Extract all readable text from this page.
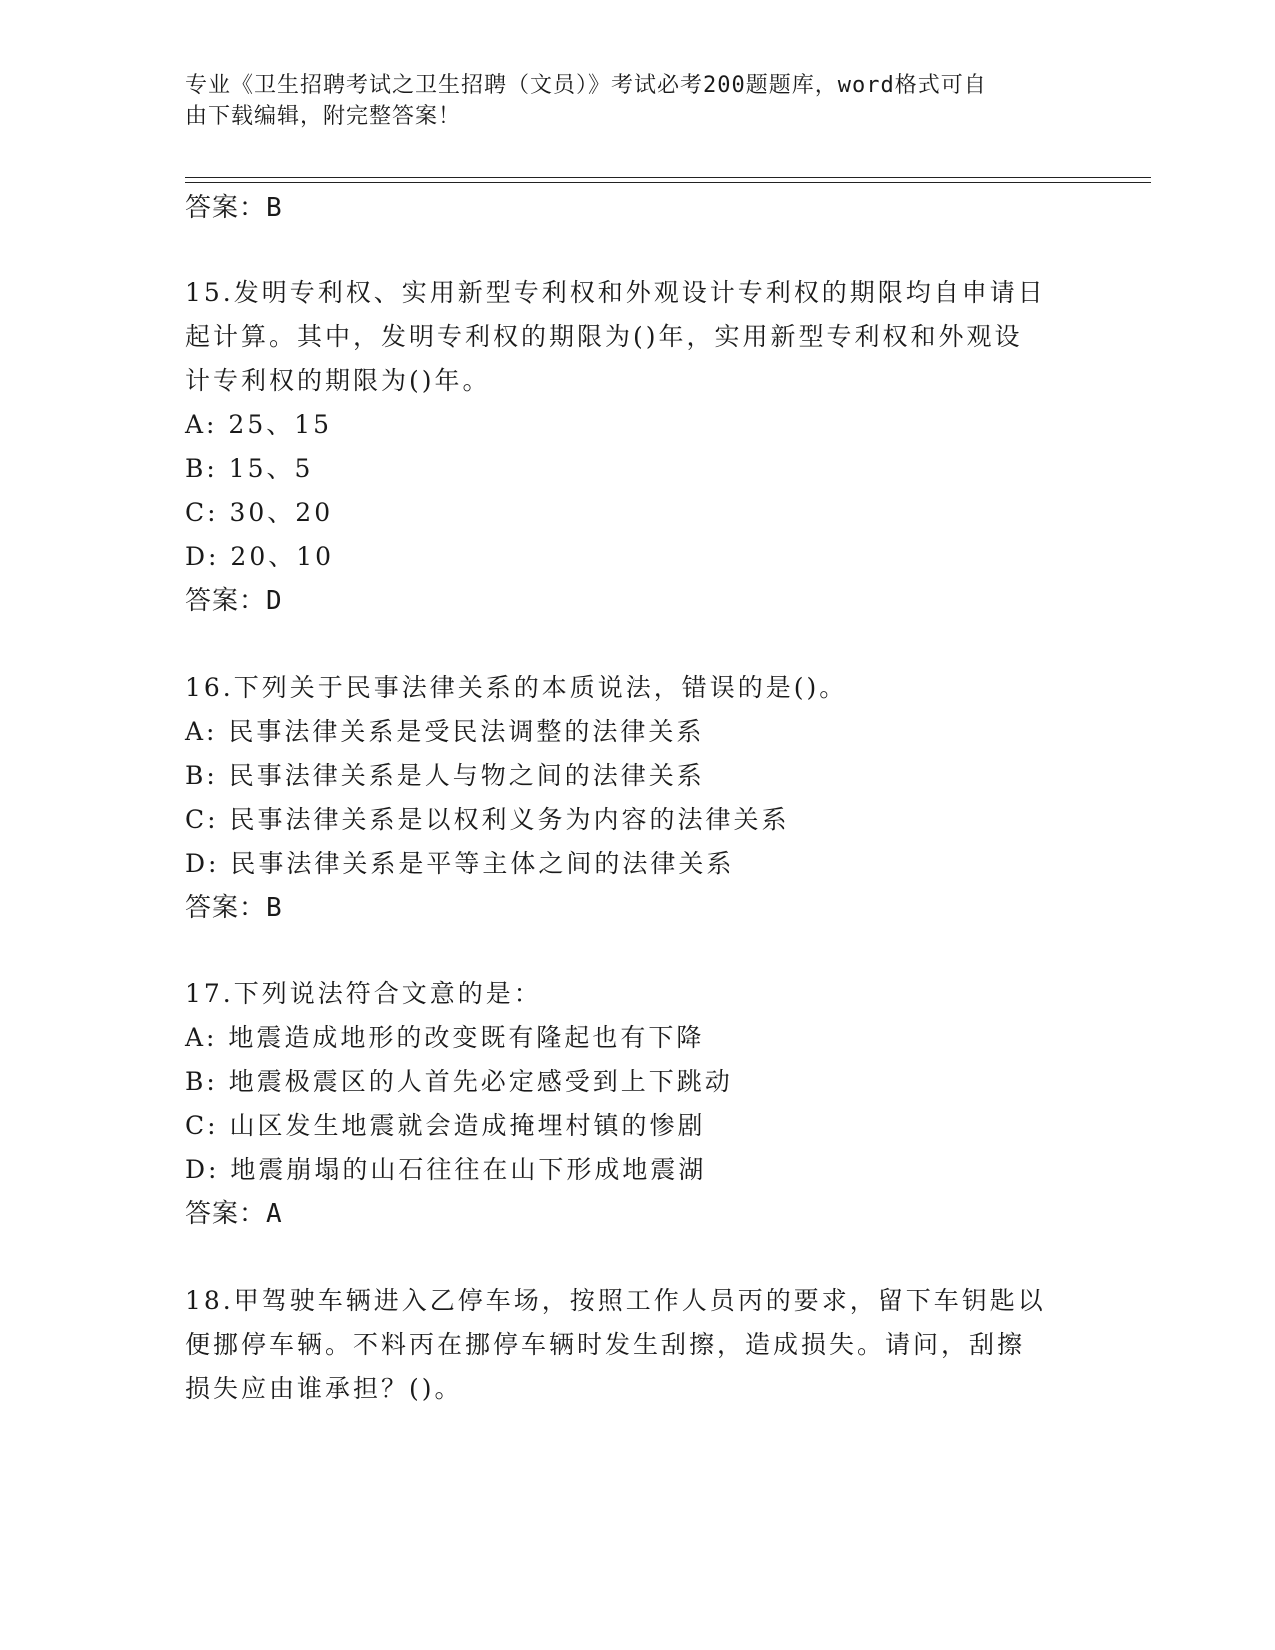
专业《卫生招聘考试之卫生招聘（文员）》考试必考200题题库，word格式可自
由下载编辑，附完整答案！
答案：B
15.发明专利权、实用新型专利权和外观设计专利权的期限均自申请日
起计算。其中，发明专利权的期限为()年，实用新型专利权和外观设
计专利权的期限为()年。
A: 25、15
B: 15、5
C: 30、20
D: 20、10
答案：D
16.下列关于民事法律关系的本质说法，错误的是()。
A: 民事法律关系是受民法调整的法律关系
B: 民事法律关系是人与物之间的法律关系
C: 民事法律关系是以权利义务为内容的法律关系
D: 民事法律关系是平等主体之间的法律关系
答案：B
17.下列说法符合文意的是：
A: 地震造成地形的改变既有隆起也有下降
B: 地震极震区的人首先必定感受到上下跳动
C: 山区发生地震就会造成掩埋村镇的惨剧
D: 地震崩塌的山石往往在山下形成地震湖
答案：A
18.甲驾驶车辆进入乙停车场，按照工作人员丙的要求，留下车钥匙以
便挪停车辆。不料丙在挪停车辆时发生刮擦，造成损失。请问，刮擦
损失应由谁承担？()。
